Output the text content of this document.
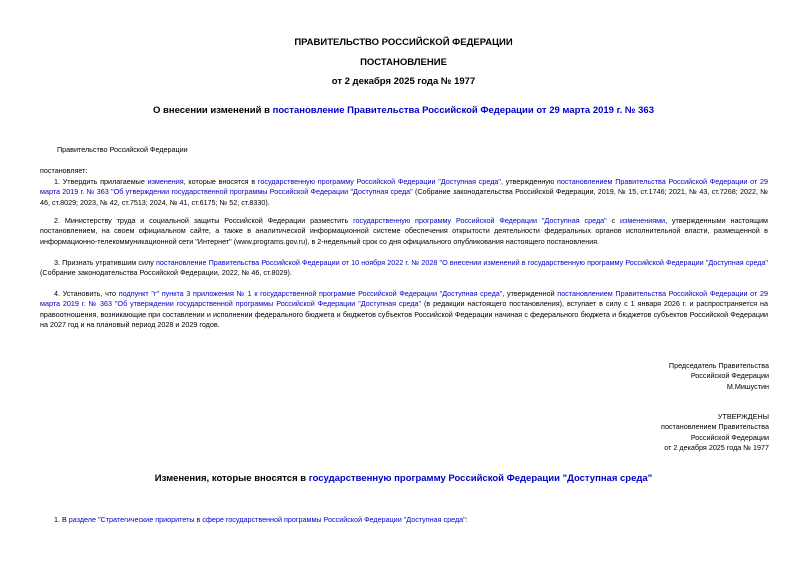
ПРАВИТЕЛЬСТВО РОССИЙСКОЙ ФЕДЕРАЦИИ
ПОСТАНОВЛЕНИЕ
от 2 декабря 2025 года № 1977
О внесении изменений в постановление Правительства Российской Федерации от 29 марта 2019 г. № 363
Правительство Российской Федерации
постановляет:
1. Утвердить прилагаемые изменения, которые вносятся в государственную программу Российской Федерации "Доступная среда", утвержденную постановлением Правительства Российской Федерации от 29 марта 2019 г. № 363 "Об утверждении государственной программы Российской Федерации "Доступная среда" (Собрание законодательства Российской Федерации, 2019, № 15, ст.1746; 2021, № 43, ст.7268; 2022, № 46, ст.8029; 2023, № 42, ст.7513; 2024, № 41, ст.6175; № 52, ст.8330).
2. Министерству труда и социальной защиты Российской Федерации разместить государственную программу Российской Федерации "Доступная среда" с изменениями, утвержденными настоящим постановлением, на своем официальном сайте, а также в аналитической информационной системе обеспечения открытости деятельности федеральных органов исполнительной власти, размещенной в информационно-телекоммуникационной сети "Интернет" (www.programs.gov.ru), в 2-недельный срок со дня официального опубликования настоящего постановления.
3. Признать утратившим силу постановление Правительства Российской Федерации от 10 ноября 2022 г. № 2028 "О внесении изменений в государственную программу Российской Федерации "Доступная среда" (Собрание законодательства Российской Федерации, 2022, № 46, ст.8029).
4. Установить, что подпункт "г" пункта 3 приложения № 1 к государственной программе Российской Федерации "Доступная среда", утвержденной постановлением Правительства Российской Федерации от 29 марта 2019 г. № 363 "Об утверждении государственной программы Российской Федерации "Доступная среда" (в редакции настоящего постановления), вступает в силу с 1 января 2026 г. и распространяется на правоотношения, возникающие при составлении и исполнении федерального бюджета и бюджетов субъектов Российской Федерации начиная с федерального бюджета и бюджетов субъектов Российской Федерации на 2027 год и на плановый период 2028 и 2029 годов.
Председатель Правительства
Российской Федерации
М.Мишустин
УТВЕРЖДЕНЫ
постановлением Правительства
Российской Федерации
от 2 декабря 2025 года № 1977
Изменения, которые вносятся в государственную программу Российской Федерации "Доступная среда"
1. В разделе "Стратегические приоритеты в сфере государственной программы Российской Федерации "Доступная среда":
